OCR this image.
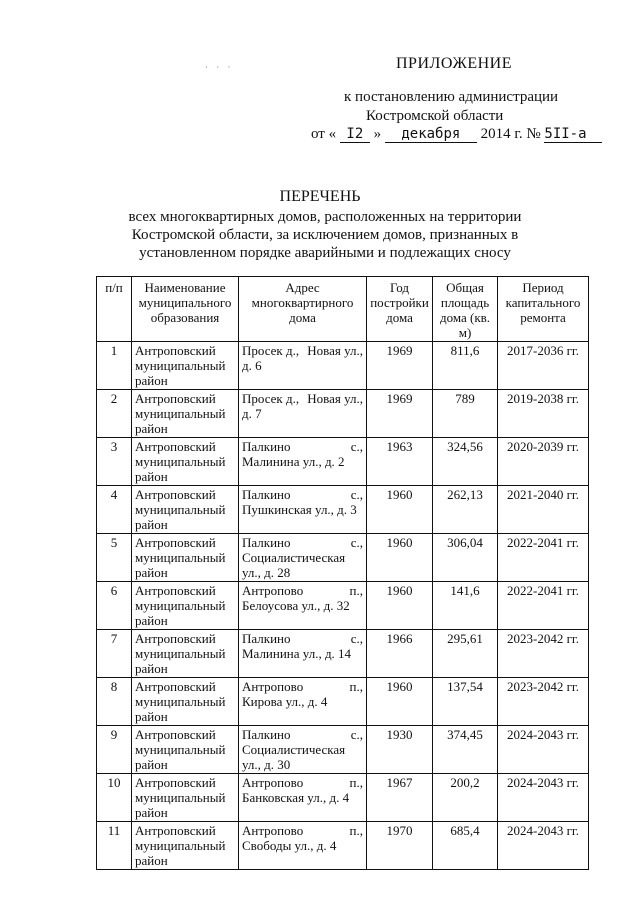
· · ·	ПРИЛОЖЕНИЕ
к постановлению администрации
Костромской области
от « I2 » декабря 2014 г. № 5II-а
ПЕРЕЧЕНЬ
всех многоквартирных домов, расположенных на территории Костромской области, за исключением домов, признанных в установленном порядке аварийными и подлежащих сносу
п/п	Наименование муниципального образования	Адрес многоквартирного дома	Год постройки дома	Общая площадь дома (кв. м)	Период капитального ремонта
1	Антроповский муниципальный район	Просек д., Новая ул.,
д. 6	1969	811,6	2017-2036 гг.
2	Антроповский муниципальный район	Просек д., Новая ул.,
д. 7	1969	789	2019-2038 гг.
3	Антроповский муниципальный район	Палкино с.,
Малинина ул., д. 2	1963	324,56	2020-2039 гг.
4	Антроповский муниципальный район	Палкино с.,
Пушкинская ул., д. 3	1960	262,13	2021-2040 гг.
5	Антроповский муниципальный район	Палкино с.,
Социалистическая ул., д. 28	1960	306,04	2022-2041 гг.
6	Антроповский муниципальный район	Антропово п.,
Белоусова ул., д. 32	1960	141,6	2022-2041 гг.
7	Антроповский муниципальный район	Палкино с.,
Малинина ул., д. 14	1966	295,61	2023-2042 гг.
8	Антроповский муниципальный район	Антропово п.,
Кирова ул., д. 4	1960	137,54	2023-2042 гг.
9	Антроповский муниципальный район	Палкино с.,
Социалистическая ул., д. 30	1930	374,45	2024-2043 гг.
10	Антроповский муниципальный район	Антропово п.,
Банковская ул., д. 4	1967	200,2	2024-2043 гг.
11	Антроповский муниципальный район	Антропово п.,
Свободы ул., д. 4	1970	685,4	2024-2043 гг.
